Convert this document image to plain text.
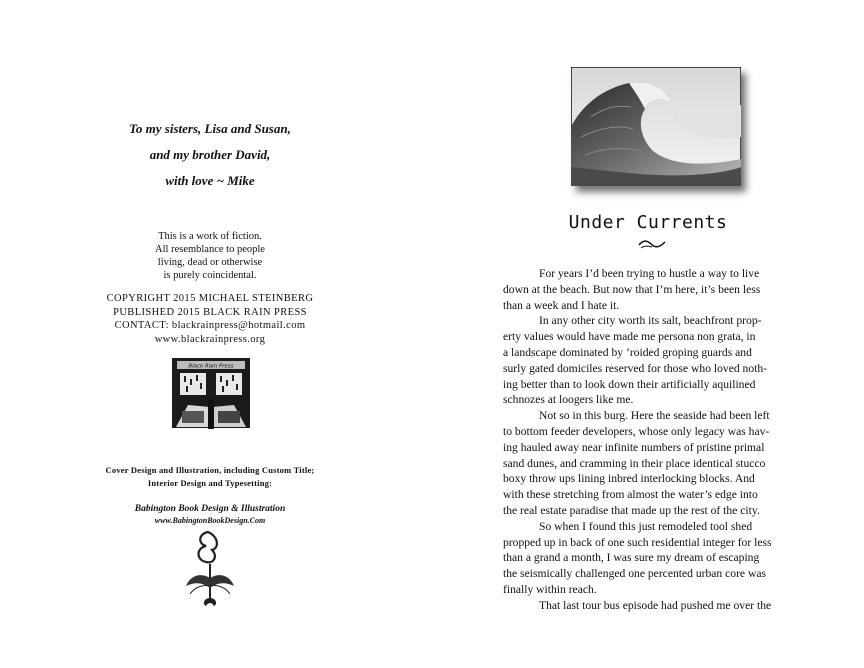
To my sisters, Lisa and Susan,
and my brother David,
with love ~ Mike
This is a work of fiction.
All resemblance to people
living, dead or otherwise
is purely coincidental.
COPYRIGHT 2015 MICHAEL STEINBERG
PUBLISHED 2015 BLACK RAIN PRESS
CONTACT: blackrainpress@hotmail.com
www.blackrainpress.org
Black Rain Press
Cover Design and Illustration, including Custom Title;
Interior Design and Typesetting:
Babington Book Design & Illustration
www.BabingtonBookDesign.Com
Under Currents
For years I’d been trying to hustle a way to live
down at the beach. But now that I’m here, it’s been less
than a week and I hate it.
In any other city worth its salt, beachfront prop-
erty values would have made me persona non grata, in
a landscape dominated by ’roided groping guards and
surly gated domiciles reserved for those who loved noth-
ing better than to look down their artificially aquilined
schnozes at loogers like me.
Not so in this burg. Here the seaside had been left
to bottom feeder developers, whose only legacy was hav-
ing hauled away near infinite numbers of pristine primal
sand dunes, and cramming in their place identical stucco
boxy throw ups lining inbred interlocking blocks. And
with these stretching from almost the water’s edge into
the real estate paradise that made up the rest of the city.
So when I found this just remodeled tool shed
propped up in back of one such residential integer for less
than a grand a month, I was sure my dream of escaping
the seismically challenged one percented urban core was
finally within reach.
That last tour bus episode had pushed me over the
